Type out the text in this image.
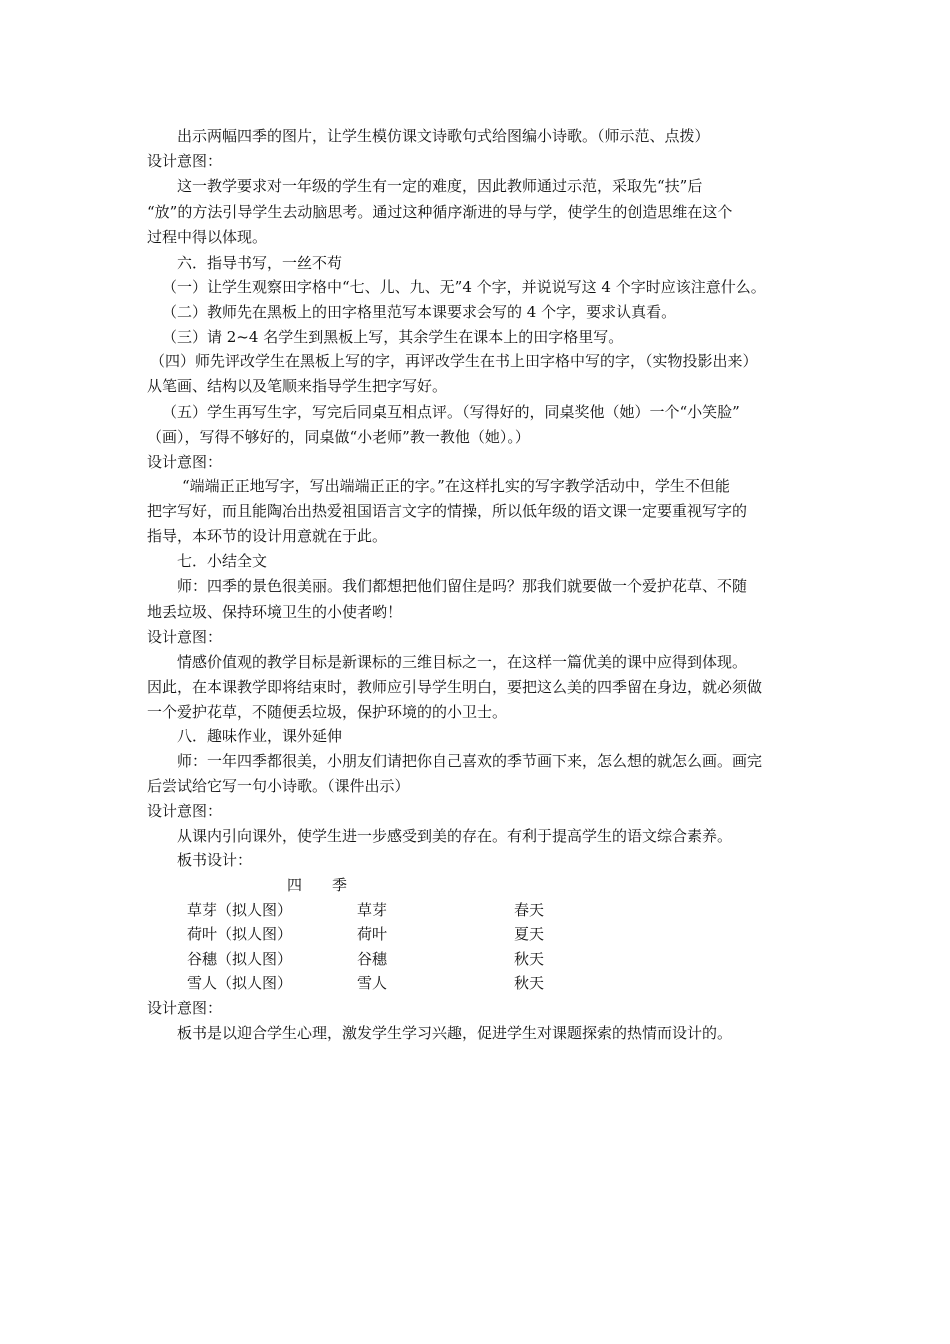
出示两幅四季的图片，让学生模仿课文诗歌句式给图编小诗歌。（师示范、点拨）
设计意图：
这一教学要求对一年级的学生有一定的难度，因此教师通过示范，采取先“扶”后
“放”的方法引导学生去动脑思考。通过这种循序渐进的导与学，使学生的创造思维在这个
过程中得以体现。
六．指导书写，一丝不苟
（一）让学生观察田字格中“七、儿、九、无”4 个字，并说说写这 4 个字时应该注意什么。
（二）教师先在黑板上的田字格里范写本课要求会写的 4 个字，要求认真看。
（三）请 2~4 名学生到黑板上写，其余学生在课本上的田字格里写。
（四）师先评改学生在黑板上写的字，再评改学生在书上田字格中写的字，（实物投影出来）
从笔画、结构以及笔顺来指导学生把字写好。
（五）学生再写生字，写完后同桌互相点评。（写得好的，同桌奖他（她）一个“小笑脸”
（画），写得不够好的，同桌做“小老师”教一教他（她）。）
设计意图：
“端端正正地写字，写出端端正正的字。”在这样扎实的写字教学活动中，学生不但能
把字写好，而且能陶冶出热爱祖国语言文字的情操，所以低年级的语文课一定要重视写字的
指导，本环节的设计用意就在于此。
七．小结全文
师：四季的景色很美丽。我们都想把他们留住是吗？那我们就要做一个爱护花草、不随
地丢垃圾、保持环境卫生的小使者哟！
设计意图：
情感价值观的教学目标是新课标的三维目标之一，在这样一篇优美的课中应得到体现。
因此，在本课教学即将结束时，教师应引导学生明白，要把这么美的四季留在身边，就必须做
一个爱护花草，不随便丢垃圾，保护环境的的小卫士。
八．趣味作业，课外延伸
师：一年四季都很美，小朋友们请把你自己喜欢的季节画下来，怎么想的就怎么画。画完
后尝试给它写一句小诗歌。（课件出示）
设计意图：
从课内引向课外，使学生进一步感受到美的存在。有利于提高学生的语文综合素养。
板书设计：
四　　季
草芽（拟人图）	草芽	春天
荷叶（拟人图）	荷叶	夏天
谷穗（拟人图）	谷穗	秋天
雪人（拟人图）	雪人	秋天
设计意图：
板书是以迎合学生心理，激发学生学习兴趣，促进学生对课题探索的热情而设计的。
